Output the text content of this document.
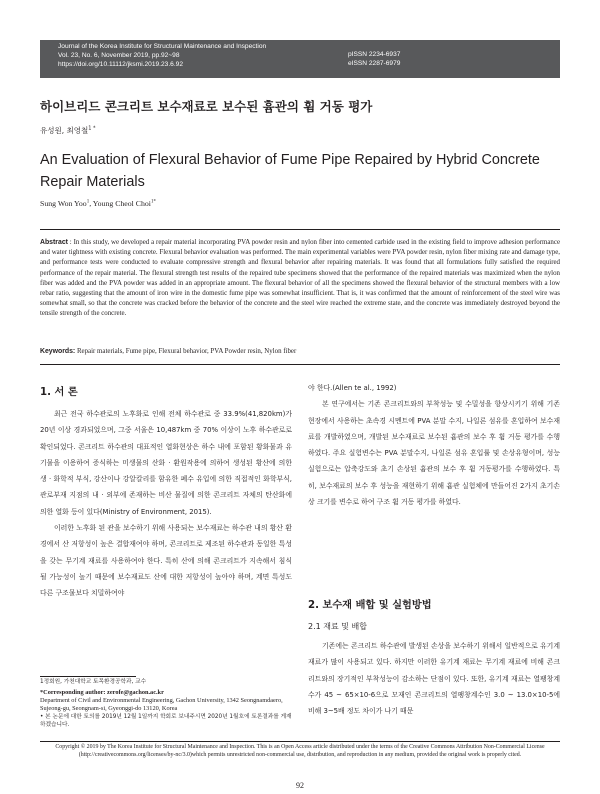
Journal of the Korea Institute for Structural Maintenance and Inspection
Vol. 23, No. 6, November 2019, pp.92~98
https://doi.org/10.11112/jksmi.2019.23.6.92
pISSN 2234-6937
eISSN 2287-6979
하이브리드 콘크리트 보수재료로 보수된 흄관의 휨 거동 평가
유성원, 최영철$^{1 *}$
An Evaluation of Flexural Behavior of Fume Pipe Repaired by Hybrid Concrete Repair Materials
Sung Won Yoo$^1$, Young Cheol Choi$^{1*}$
Abstract : In this study, we developed a repair material incorporating PVA powder resin and nylon fiber into cemented carbide used in the existing field to improve adhesion performance and water tightness with existing concrete. Flexural behavior evaluation was performed. The main experimental variables were PVA powder resin, nylon fiber mixing rate and damage type, and performance tests were conducted to evaluate compressive strength and flexural behavior after repairing materials. It was found that all formulations fully satisfied the required performance of the repair material. The flexural strength test results of the repaired tube specimens showed that the performance of the repaired materials was maximized when the nylon fiber was added and the PVA powder was added in an appropriate amount. The flexural behavior of all the specimens showed the flexural behavior of the structural members with a low rebar ratio, suggesting that the amount of iron wire in the domestic fume pipe was somewhat insufficient. That is, it was confirmed that the amount of reinforcement of the steel wire was somewhat small, so that the concrete was cracked before the behavior of the concrete and the steel wire reached the extreme state, and the concrete was immediately destroyed beyond the tensile strength of the concrete.
Keywords: Repair materials, Fume pipe, Flexural behavior, PVA Powder resin, Nylon fiber
1. 서 론

최근 전국 하수관로의 노후화로 인해 전체 하수관로 중 33.9%(41,820km)가 20년 이상 경과되었으며, 그중 서울은 10,487km 중 70% 이상이 노후 하수관로로 확인되었다. 콘크리트 하수관의 대표적인 열화현상은 하수 내에 포함된 황화물과 유기물을 이용하여 증식하는 미생물의 산화 · 환원작용에 의하여 생성된 황산에 의한 생 · 화학적 부식, 강산이나 강알칼리를 함유한 폐수 유입에 의한 직접적인 화학부식, 관로부재 지점의 내 · 외부에 존재하는 비산 물질에 의한 콘크리트 자체의 탄산화에 의한 열화 등이 있다(Ministry of Environment, 2015).

이러한 노후화 된 관을 보수하기 위해 사용되는 보수재료는 하수관 내의 황산 환경에서 산 저항성이 높은 결합재여야 하며, 콘크리트로 제조된 하수관과 동일한 특성을 갖는 무기계 재료를 사용하여야 한다. 특히 산에 의해 콘크리트가 지속해서 침식될 가능성이 높기 때문에 보수재료도 산에 대한 저항성이 높아야 하며, 계면 특성도 다른 구조물보다 치밀하여야

1정회원, 가천대학교 토목환경공학과, 교수
*Corresponding author: zerofe@gachon.ac.kr
Department of Civil and Environmental Engineering, Gachon University, 1342 Seongnamdaero, Sujeong-gu, Seongnam-si, Gyeonggi-do 13120, Korea
• 본 논문에 대한 토의를 2019년 12월 1일까지 학회로 보내주시면 2020년 1월호에 토론결과를 게재하겠습니다.

야 한다.(Allen te al., 1992)

본 연구에서는 기존 콘크리트와의 부착성능 및 수밀성을 향상시키기 위해 기존 현장에서 사용하는 초속경 시멘트에 PVA 분말 수지, 나일론 섬유를 혼입하여 보수재료를 개발하였으며, 개발된 보수재료로 보수된 흄관의 보수 후 휨 거동 평가를 수행하였다. 주요 실험변수는 PVA 분말수지, 나일론 섬유 혼입률 및 손상유형이며, 성능 실험으로는 압축강도와 초기 손상된 흄관의 보수 후 휨 거동평가를 수행하였다. 특히, 보수재료의 보수 후 성능을 재현하기 위해 흄관 실험체에 만들어진 2가지 초기손상 크기를 변수로 하여 구조 휨 거동 평가를 하였다.

2. 보수재 배합 및 실험방법
2.1 재료 및 배합

기존에는 콘크리트 하수관에 발생된 손상을 보수하기 위해서 일반적으로 유기계 재료가 많이 사용되고 있다. 하지만 이러한 유기계 재료는 무기계 재료에 비해 콘크리트와의 장기적인 부착성능이 감소하는 단점이 있다. 또한, 유기계 재료는 열팽창계수가 45 ~ 65×10-6으로 모재인 콘크리트의 열팽창계수인 3.0 ~ 13.0×10-5에 비해 3~5배 정도 차이가 나기 때문

Copyright © 2019 by The Korea Institute for Structural Maintenance and Inspection. This is an Open Access article distributed under the terms of the Creative Commons Attribution Non-Commercial License (http://creativecommons.org/licenses/by-nc/3.0)which permits unrestricted non-commercial use, distribution, and reproduction in any medium, provided the original work is properly cited.
92
